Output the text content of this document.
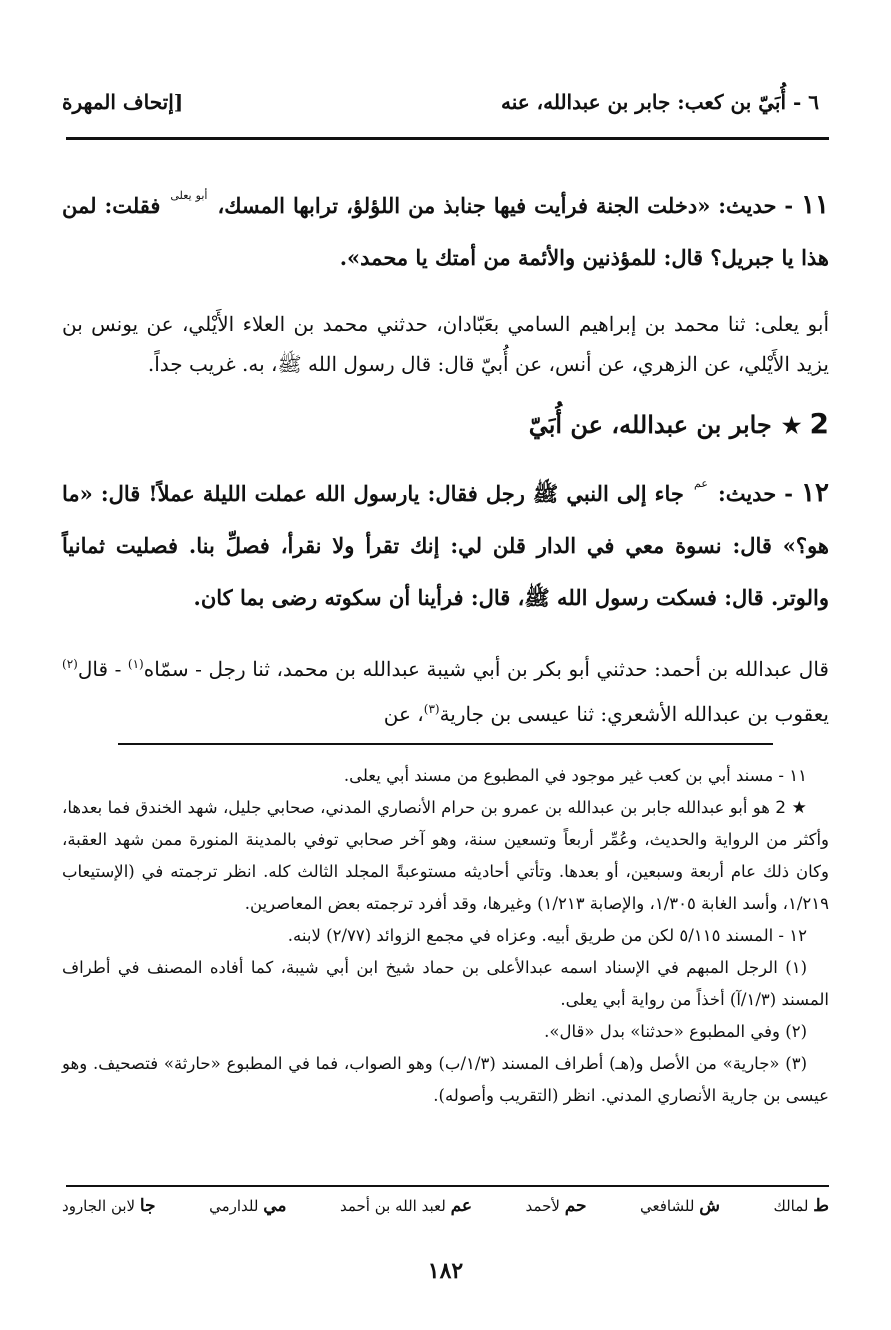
٦ - أُبَيّ بن كعب: جابر بن عبدالله، عنه
[إتحاف المهرة

١١ - حديث: «دخلت الجنة فرأيت فيها جنابذ من اللؤلؤ، ترابها المسك، $^{أبو يعلى}$ فقلت: لمن هذا يا جبريل؟ قال: للمؤذنين والأئمة من أمتك يا محمد».

أبو يعلى: ثنا محمد بن إبراهيم السامي بعَبّادان، حدثني محمد بن العلاء الأَيْلي، عن يونس بن يزيد الأَيْلي، عن الزهري، عن أنس، عن أُبيّ قال: قال رسول الله ﷺ، به. غريب جداً.

2★جابر بن عبدالله، عن أُبَيّ

١٢ - حديث: $^{عم}$ جاء إلى النبي ﷺ رجل فقال: يارسول الله عملت الليلة عملاً! قال: «ما هو؟» قال: نسوة معي في الدار قلن لي: إنك تقرأ ولا نقرأ، فصلِّ بنا. فصليت ثمانياً والوتر. قال: فسكت رسول الله ﷺ، قال: فرأينا أن سكوته رضى بما كان.

قال عبدالله بن أحمد: حدثني أبو بكر بن أبي شيبة عبدالله بن محمد، ثنا رجل - سمّاه$^{(١)}$ - قال$^{(٢)}$ يعقوب بن عبدالله الأشعري: ثنا عيسى بن جارية$^{(٣)}$، عن

١١ - مسند أبي بن كعب غير موجود في المطبوع من مسند أبي يعلى.

★ 2 هو أبو عبدالله جابر بن عبدالله بن عمرو بن حرام الأنصاري المدني، صحابي جليل، شهد الخندق فما بعدها، وأكثر من الرواية والحديث، وعُمِّر أربعاً وتسعين سنة، وهو آخر صحابي توفي بالمدينة المنورة ممن شهد العقبة، وكان ذلك عام أربعة وسبعين، أو بعدها. وتأتي أحاديثه مستوعبةً المجلد الثالث كله. انظر ترجمته في (الإستيعاب ١/٢١٩، وأسد الغابة ١/٣٠٥، والإصابة ١/٢١٣) وغيرها، وقد أفرد ترجمته بعض المعاصرين.

١٢ - المسند ٥/١١٥ لكن من طريق أبيه. وعزاه في مجمع الزوائد (٢/٧٧) لابنه.

(١) الرجل المبهم في الإسناد اسمه عبدالأعلى بن حماد شيخ ابن أبي شيبة، كما أفاده المصنف في أطراف المسند (١/٣/آ) أخذاً من رواية أبي يعلى.

(٢) وفي المطبوع «حدثنا» بدل «قال».

(٣) «جارية» من الأصل و(هـ) أطراف المسند (١/٣/ب) وهو الصواب، فما في المطبوع «حارثة» فتصحيف. وهو عيسى بن جارية الأنصاري المدني. انظر (التقريب وأصوله).

ط لمالك
ش للشافعي
حم لأحمد
عم لعبد الله بن أحمد
مي للدارمي
جا لابن الجارود
١٨٢
